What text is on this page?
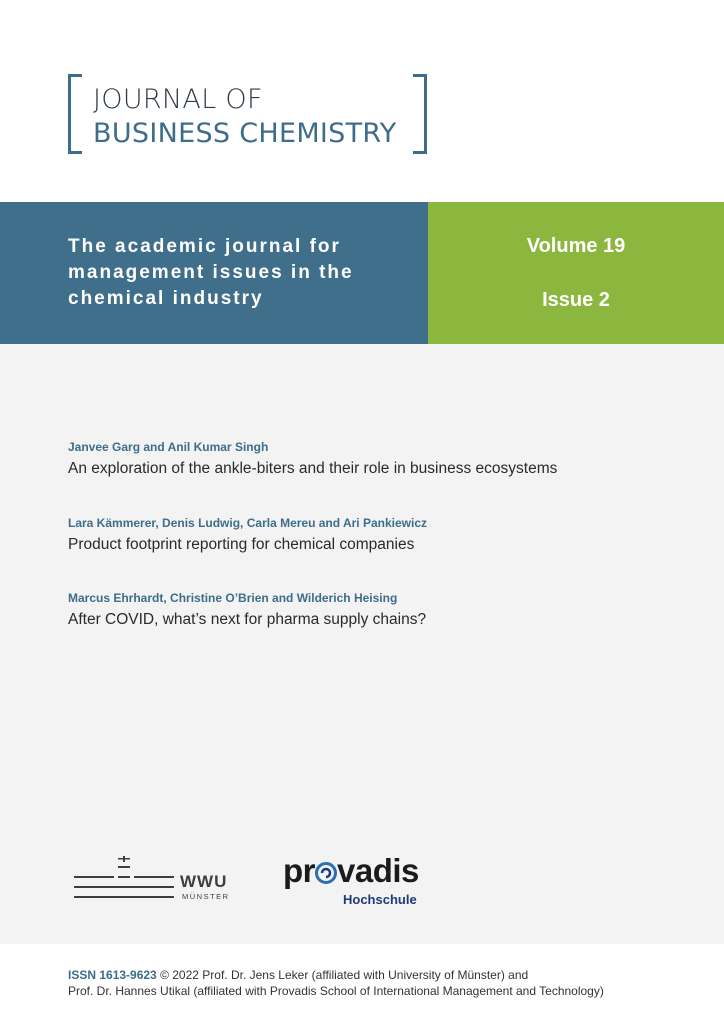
JOURNAL OF
BUSINESS CHEMISTRY
The academic journal for
management issues in the
chemical industry
Volume 19
Issue 2
Janvee Garg and Anil Kumar Singh
An exploration of the ankle-biters and their role in business ecosystems
Lara Kämmerer, Denis Ludwig, Carla Mereu and Ari Pankiewicz
Product footprint reporting for chemical companies
Marcus Ehrhardt, Christine O’Brien and Wilderich Heising
After COVID, what’s next for pharma supply chains?
WWU
MÜNSTER
pr vadis
Hochschule
ISSN 1613-9623 © 2022 Prof. Dr. Jens Leker (affiliated with University of Münster) and
Prof. Dr. Hannes Utikal (affiliated with Provadis School of International Management and Technology)
